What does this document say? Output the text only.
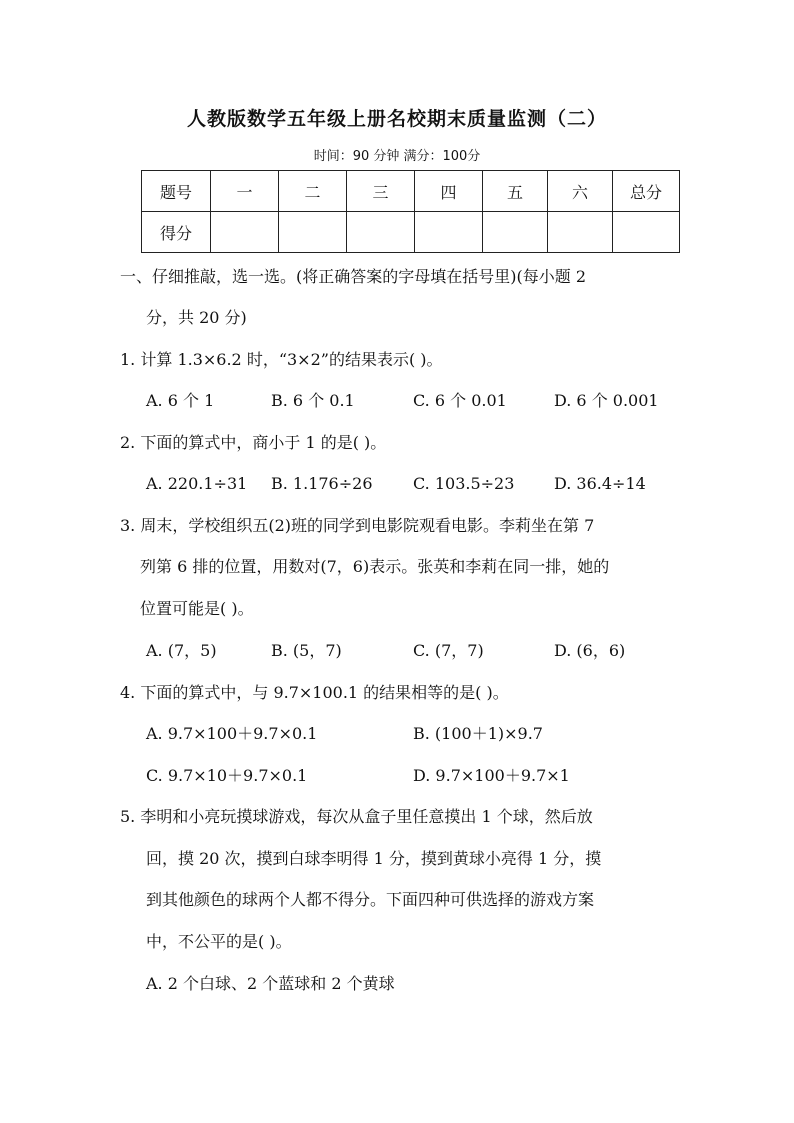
人教版数学五年级上册名校期末质量监测（二）
时间：90 分钟 满分：100分
题号	一	二	三	四	五	六	总分
得分							
一、仔细推敲，选一选。(将正确答案的字母填在括号里)(每小题 2
分，共 20 分)
1. 计算 1.3×6.2 时，“3×2”的结果表示( )。
A. 6 个 1	B. 6 个 0.1	C. 6 个 0.01	D. 6 个 0.001
2. 下面的算式中，商小于 1 的是( )。
A. 220.1÷31 B. 1.176÷26	C. 103.5÷23 D. 36.4÷14
3. 周末，学校组织五(2)班的同学到电影院观看电影。李莉坐在第 7
列第 6 排的位置，用数对(7，6)表示。张英和李莉在同一排，她的
位置可能是( )。
A. (7，5)	B. (5，7)	C. (7，7)	D. (6，6)
4. 下面的算式中，与 9.7×100.1 的结果相等的是( )。
A. 9.7×100＋9.7×0.1	B. (100＋1)×9.7
C. 9.7×10＋9.7×0.1	D. 9.7×100＋9.7×1
5. 李明和小亮玩摸球游戏，每次从盒子里任意摸出 1 个球，然后放
回，摸 20 次，摸到白球李明得 1 分，摸到黄球小亮得 1 分，摸
到其他颜色的球两个人都不得分。下面四种可供选择的游戏方案
中，不公平的是( )。
A. 2 个白球、2 个蓝球和 2 个黄球
